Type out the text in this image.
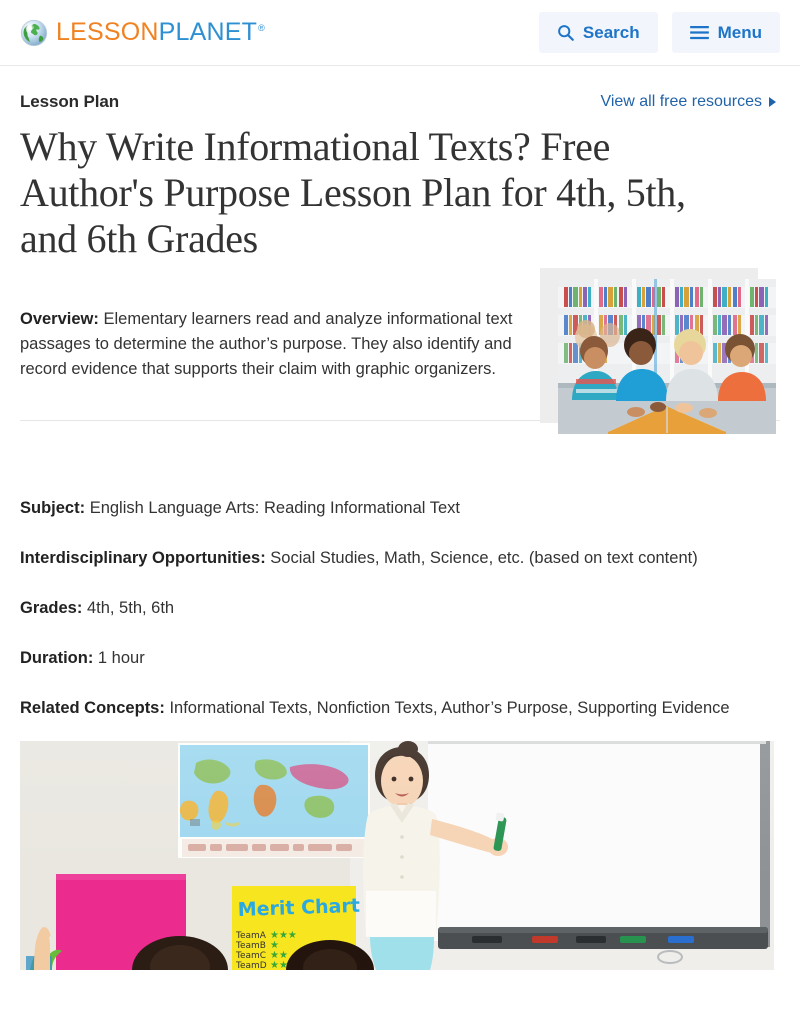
LESSONPLANET®	Search	Menu
Lesson Plan	View all free resources
Why Write Informational Texts? Free Author's Purpose Lesson Plan for 4th, 5th, and 6th Grades

Overview: Elementary learners read and analyze informational text passages to determine the author’s purpose. They also identify and record evidence that supports their claim with graphic organizers.

Subject: English Language Arts: Reading Informational Text

Interdisciplinary Opportunities: Social Studies, Math, Science, etc. (based on text content)

Grades: 4th, 5th, 6th

Duration: 1 hour

Related Concepts: Informational Texts, Nonfiction Texts, Author’s Purpose, Supporting Evidence
